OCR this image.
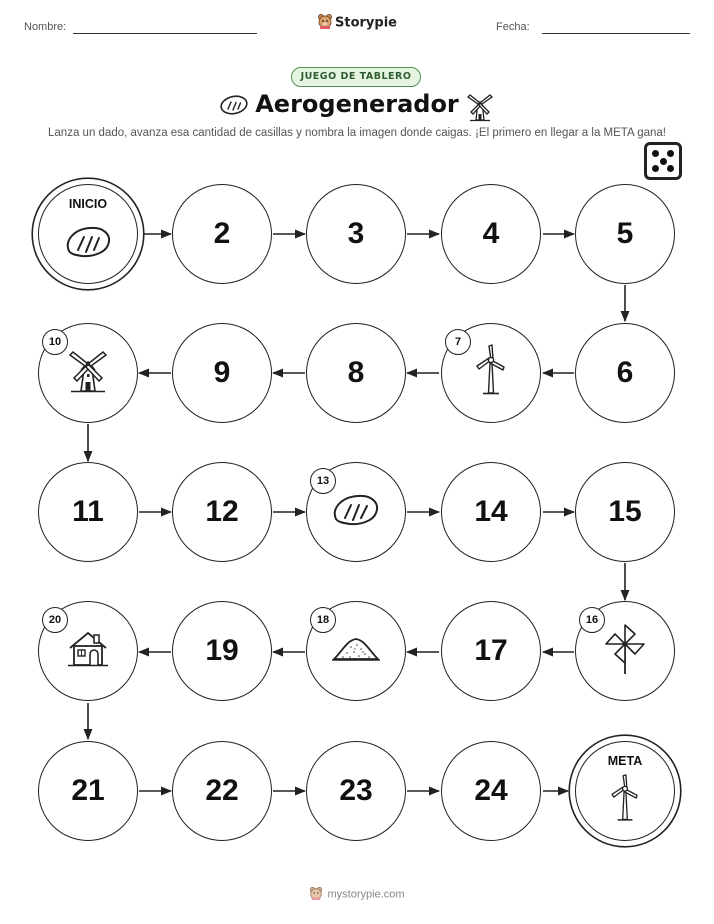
Nombre:	Storypie	Fecha:
JUEGO DE TABLERO
Aerogenerador
Lanza un dado, avanza esa cantidad de casillas y nombra la imagen donde caigas. ¡El primero en llegar a la META gana!
INICIO
2	3	4	5
10
9	8
7
6
11	12
13
14	15
20
19
18
17
16
21	22	23	24
META
mystorypie.com
